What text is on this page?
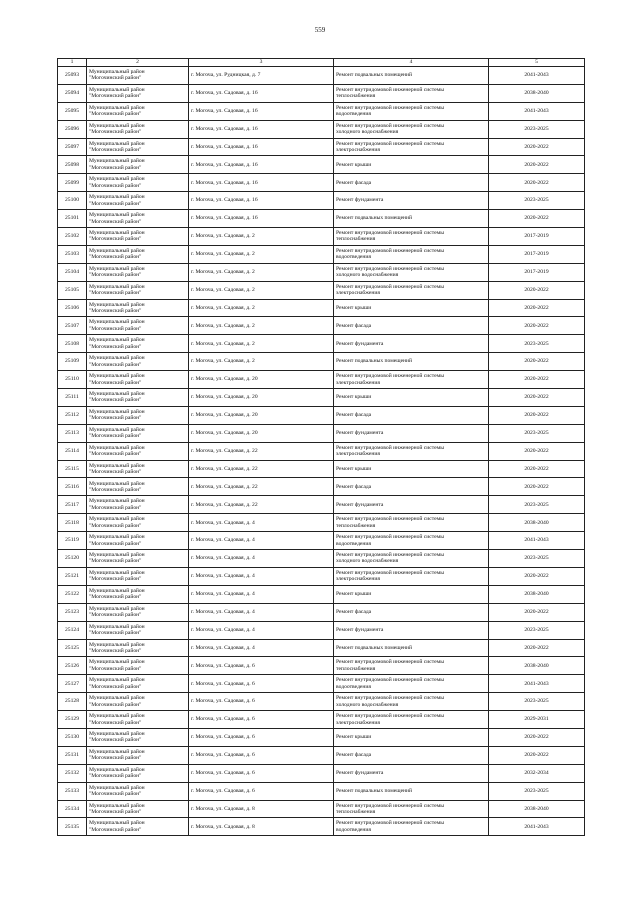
559
1	2	3	4	5
25093	Муниципальный район
"Могочинский район"	г. Могоча, ул. Рудницкая, д. 7	Ремонт подвальных помещений	2041-2043
25094	Муниципальный район
"Могочинский район"	г. Могоча, ул. Садовая, д. 16	Ремонт внутридомовой инженерной системы
теплоснабжения	2038-2040
25095	Муниципальный район
"Могочинский район"	г. Могоча, ул. Садовая, д. 16	Ремонт внутридомовой инженерной системы
водоотведения	2041-2043
25096	Муниципальный район
"Могочинский район"	г. Могоча, ул. Садовая, д. 16	Ремонт внутридомовой инженерной системы
холодного водоснабжения	2023-2025
25097	Муниципальный район
"Могочинский район"	г. Могоча, ул. Садовая, д. 16	Ремонт внутридомовой инженерной системы
электроснабжения	2020-2022
25098	Муниципальный район
"Могочинский район"	г. Могоча, ул. Садовая, д. 16	Ремонт крыши	2020-2022
25099	Муниципальный район
"Могочинский район"	г. Могоча, ул. Садовая, д. 16	Ремонт фасада	2020-2022
25100	Муниципальный район
"Могочинский район"	г. Могоча, ул. Садовая, д. 16	Ремонт фундамента	2023-2025
25101	Муниципальный район
"Могочинский район"	г. Могоча, ул. Садовая, д. 16	Ремонт подвальных помещений	2020-2022
25102	Муниципальный район
"Могочинский район"	г. Могоча, ул. Садовая, д. 2	Ремонт внутридомовой инженерной системы
теплоснабжения	2017-2019
25103	Муниципальный район
"Могочинский район"	г. Могоча, ул. Садовая, д. 2	Ремонт внутридомовой инженерной системы
водоотведения	2017-2019
25104	Муниципальный район
"Могочинский район"	г. Могоча, ул. Садовая, д. 2	Ремонт внутридомовой инженерной системы
холодного водоснабжения	2017-2019
25105	Муниципальный район
"Могочинский район"	г. Могоча, ул. Садовая, д. 2	Ремонт внутридомовой инженерной системы
электроснабжения	2020-2022
25106	Муниципальный район
"Могочинский район"	г. Могоча, ул. Садовая, д. 2	Ремонт крыши	2020-2022
25107	Муниципальный район
"Могочинский район"	г. Могоча, ул. Садовая, д. 2	Ремонт фасада	2020-2022
25108	Муниципальный район
"Могочинский район"	г. Могоча, ул. Садовая, д. 2	Ремонт фундамента	2023-2025
25109	Муниципальный район
"Могочинский район"	г. Могоча, ул. Садовая, д. 2	Ремонт подвальных помещений	2020-2022
25110	Муниципальный район
"Могочинский район"	г. Могоча, ул. Садовая, д. 20	Ремонт внутридомовой инженерной системы
электроснабжения	2020-2022
25111	Муниципальный район
"Могочинский район"	г. Могоча, ул. Садовая, д. 20	Ремонт крыши	2020-2022
25112	Муниципальный район
"Могочинский район"	г. Могоча, ул. Садовая, д. 20	Ремонт фасада	2020-2022
25113	Муниципальный район
"Могочинский район"	г. Могоча, ул. Садовая, д. 20	Ремонт фундамента	2023-2025
25114	Муниципальный район
"Могочинский район"	г. Могоча, ул. Садовая, д. 22	Ремонт внутридомовой инженерной системы
электроснабжения	2020-2022
25115	Муниципальный район
"Могочинский район"	г. Могоча, ул. Садовая, д. 22	Ремонт крыши	2020-2022
25116	Муниципальный район
"Могочинский район"	г. Могоча, ул. Садовая, д. 22	Ремонт фасада	2020-2022
25117	Муниципальный район
"Могочинский район"	г. Могоча, ул. Садовая, д. 22	Ремонт фундамента	2023-2025
25118	Муниципальный район
"Могочинский район"	г. Могоча, ул. Садовая, д. 4	Ремонт внутридомовой инженерной системы
теплоснабжения	2038-2040
25119	Муниципальный район
"Могочинский район"	г. Могоча, ул. Садовая, д. 4	Ремонт внутридомовой инженерной системы
водоотведения	2041-2043
25120	Муниципальный район
"Могочинский район"	г. Могоча, ул. Садовая, д. 4	Ремонт внутридомовой инженерной системы
холодного водоснабжения	2023-2025
25121	Муниципальный район
"Могочинский район"	г. Могоча, ул. Садовая, д. 4	Ремонт внутридомовой инженерной системы
электроснабжения	2020-2022
25122	Муниципальный район
"Могочинский район"	г. Могоча, ул. Садовая, д. 4	Ремонт крыши	2038-2040
25123	Муниципальный район
"Могочинский район"	г. Могоча, ул. Садовая, д. 4	Ремонт фасада	2020-2022
25124	Муниципальный район
"Могочинский район"	г. Могоча, ул. Садовая, д. 4	Ремонт фундамента	2023-2025
25125	Муниципальный район
"Могочинский район"	г. Могоча, ул. Садовая, д. 4	Ремонт подвальных помещений	2020-2022
25126	Муниципальный район
"Могочинский район"	г. Могоча, ул. Садовая, д. 6	Ремонт внутридомовой инженерной системы
теплоснабжения	2038-2040
25127	Муниципальный район
"Могочинский район"	г. Могоча, ул. Садовая, д. 6	Ремонт внутридомовой инженерной системы
водоотведения	2041-2043
25128	Муниципальный район
"Могочинский район"	г. Могоча, ул. Садовая, д. 6	Ремонт внутридомовой инженерной системы
холодного водоснабжения	2023-2025
25129	Муниципальный район
"Могочинский район"	г. Могоча, ул. Садовая, д. 6	Ремонт внутридомовой инженерной системы
электроснабжения	2029-2031
25130	Муниципальный район
"Могочинский район"	г. Могоча, ул. Садовая, д. 6	Ремонт крыши	2020-2022
25131	Муниципальный район
"Могочинский район"	г. Могоча, ул. Садовая, д. 6	Ремонт фасада	2020-2022
25132	Муниципальный район
"Могочинский район"	г. Могоча, ул. Садовая, д. 6	Ремонт фундамента	2032-2034
25133	Муниципальный район
"Могочинский район"	г. Могоча, ул. Садовая, д. 6	Ремонт подвальных помещений	2023-2025
25134	Муниципальный район
"Могочинский район"	г. Могоча, ул. Садовая, д. 8	Ремонт внутридомовой инженерной системы
теплоснабжения	2038-2040
25135	Муниципальный район
"Могочинский район"	г. Могоча, ул. Садовая, д. 8	Ремонт внутридомовой инженерной системы
водоотведения	2041-2043
